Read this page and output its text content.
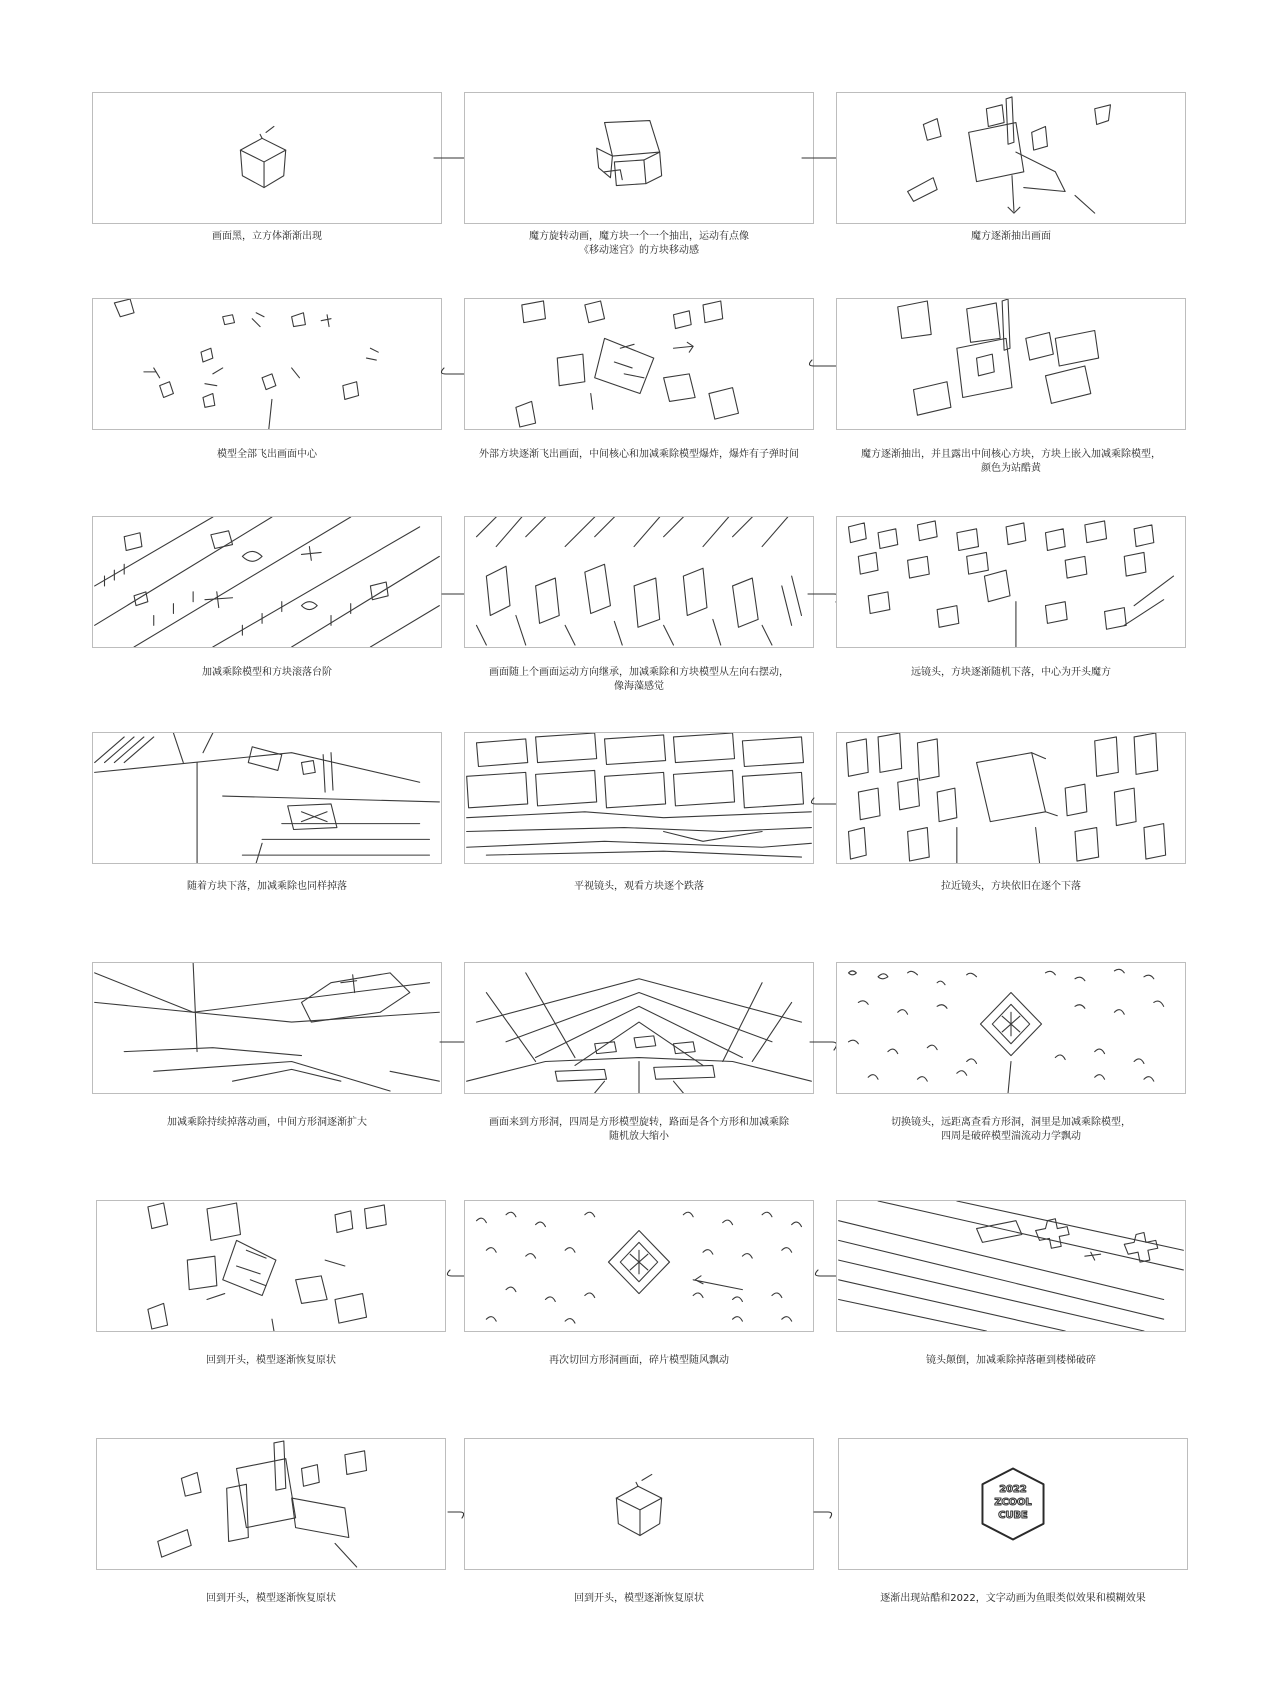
画面黑，立方体渐渐出现	魔方旋转动画，魔方块一个一个抽出，运动有点像
《移动迷宫》的方块移动感
魔方逐渐抽出画面
模型全部飞出画面中心	外部方块逐渐飞出画面，中间核心和加减乘除模型爆炸，爆炸有子弹时间	魔方逐渐抽出，并且露出中间核心方块，方块上嵌入加减乘除模型，
颜色为站酷黄
加减乘除模型和方块滚落台阶	画面随上个画面运动方向继承，加减乘除和方块模型从左向右摆动，
像海藻感觉
远镜头，方块逐渐随机下落，中心为开头魔方
随着方块下落，加减乘除也同样掉落	平视镜头，观看方块逐个跌落	拉近镜头，方块依旧在逐个下落
加减乘除持续掉落动画，中间方形洞逐渐扩大	画面来到方形洞，四周是方形模型旋转，路面是各个方形和加减乘除
随机放大缩小
切换镜头，远距离查看方形洞，洞里是加减乘除模型，
四周是破碎模型湍流动力学飘动
回到开头，模型逐渐恢复原状	再次切回方形洞画面，碎片模型随风飘动	镜头颠倒，加减乘除掉落砸到楼梯破碎
回到开头，模型逐渐恢复原状	回到开头，模型逐渐恢复原状
2022
ZCOOL
CUBE
逐渐出现站酷和2022，文字动画为鱼眼类似效果和模糊效果
